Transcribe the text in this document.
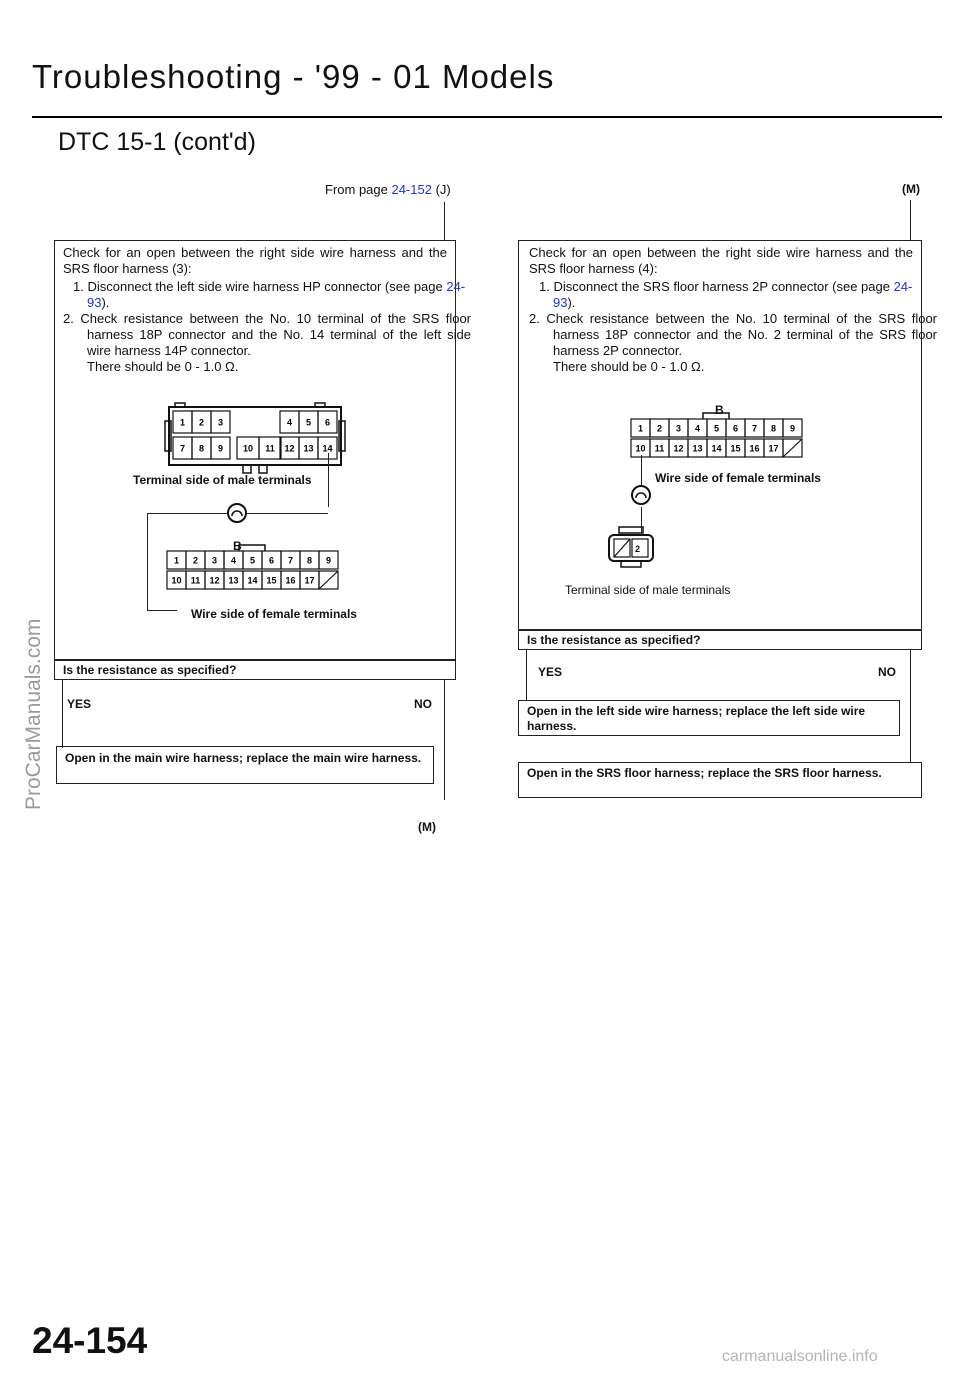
Troubleshooting - '99 - 01 Models
DTC 15-1 (cont'd)
ProCarManuals.com
From page 24-152 (J)
Check for an open between the right side wire harness and the SRS floor harness (3):
1. Disconnect the left side wire harness HP connector (see page 24-93).
2. Check resistance between the No. 10 terminal of the SRS floor harness 18P connector and the No. 14 terminal of the left side wire harness 14P connector.
There should be 0 - 1.0 Ω.
1 2 3	4 5 6
7 8 9 10 11 12 13 14
Terminal side of male terminals
1 2 3 4 5 6 7 8 9
10 11 12 13 14 15 16 17
B
Wire side of female terminals
Is the resistance as specified?
YES	NO
Open in the main wire harness; replace the main wire harness.
(M)
(M)
Check for an open between the right side wire harness and the SRS floor harness (4):
1. Disconnect the SRS floor harness 2P connector (see page 24-93).
2. Check resistance between the No. 10 terminal of the SRS floor harness 18P connector and the No. 2 terminal of the SRS floor harness 2P connector.
There should be 0 - 1.0 Ω.
1 2 3 4 5 6 7 8 9
10 11 12 13 14 15 16 17
B
Wire side of female terminals
2
Terminal side of male terminals
Is the resistance as specified?
YES	NO
Open in the left side wire harness; replace the left side wire harness.
Open in the SRS floor harness; replace the SRS floor harness.
24-154	carmanualsonline.info
